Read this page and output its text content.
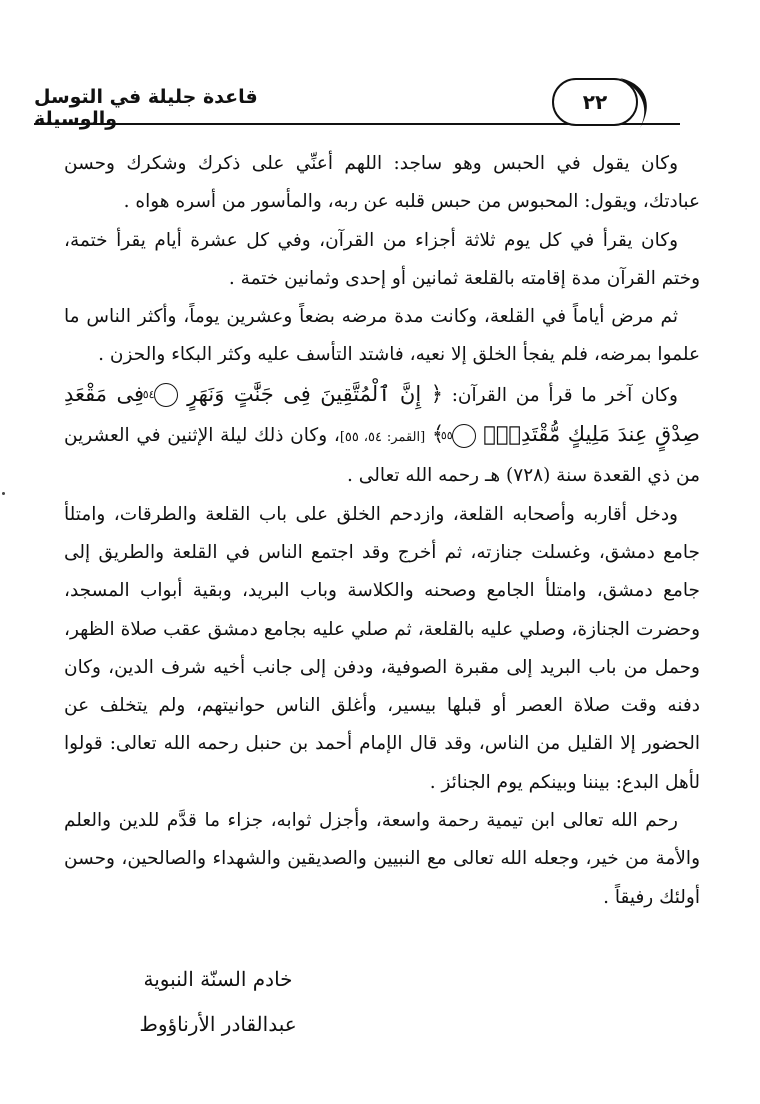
قاعدة جليلة في التوسل والوسيلة
٢٢

وكان يقول في الحبس وهو ساجد: اللهم أعنِّي على ذكرك وشكرك وحسن عبادتك، ويقول: المحبوس من حبس قلبه عن ربه، والمأسور من أسره هواه .

وكان يقرأ في كل يوم ثلاثة أجزاء من القرآن، وفي كل عشرة أيام يقرأ ختمة، وختم القرآن مدة إقامته بالقلعة ثمانين أو إحدى وثمانين ختمة .

ثم مرض أياماً في القلعة، وكانت مدة مرضه بضعاً وعشرين يوماً، وأكثر الناس ما علموا بمرضه، فلم يفجأ الخلق إلا نعيه، فاشتد التأسف عليه وكثر البكاء والحزن .

وكان آخر ما قرأ من القرآن: ﴿ إِنَّ ٱلْمُتَّقِينَ فِى جَنَّٰتٍ وَنَهَرٍ ٥٤ فِى مَقْعَدِ صِدْقٍ عِندَ مَلِيكٍ مُّقْتَدِرٍۭ ٥٥ ﴾ [القمر: ٥٤، ٥٥]، وكان ذلك ليلة الإثنين في العشرين من ذي القعدة سنة (٧٢٨) هـ رحمه الله تعالى .

ودخل أقاربه وأصحابه القلعة، وازدحم الخلق على باب القلعة والطرقات، وامتلأ جامع دمشق، وغسلت جنازته، ثم أخرج وقد اجتمع الناس في القلعة والطريق إلى جامع دمشق، وامتلأ الجامع وصحنه والكلاسة وباب البريد، وبقية أبواب المسجد، وحضرت الجنازة، وصلي عليه بالقلعة، ثم صلي عليه بجامع دمشق عقب صلاة الظهر، وحمل من باب البريد إلى مقبرة الصوفية، ودفن إلى جانب أخيه شرف الدين، وكان دفنه وقت صلاة العصر أو قبلها بيسير، وأغلق الناس حوانيتهم، ولم يتخلف عن الحضور إلا القليل من الناس، وقد قال الإمام أحمد بن حنبل رحمه الله تعالى: قولوا لأهل البدع: بيننا وبينكم يوم الجنائز .

رحم الله تعالى ابن تيمية رحمة واسعة، وأجزل ثوابه، جزاء ما قدَّم للدين والعلم والأمة من خير، وجعله الله تعالى مع النبيين والصديقين والشهداء والصالحين، وحسن أولئك رفيقاً .

خادم السنّة النبوية
عبدالقادر الأرناؤوط
